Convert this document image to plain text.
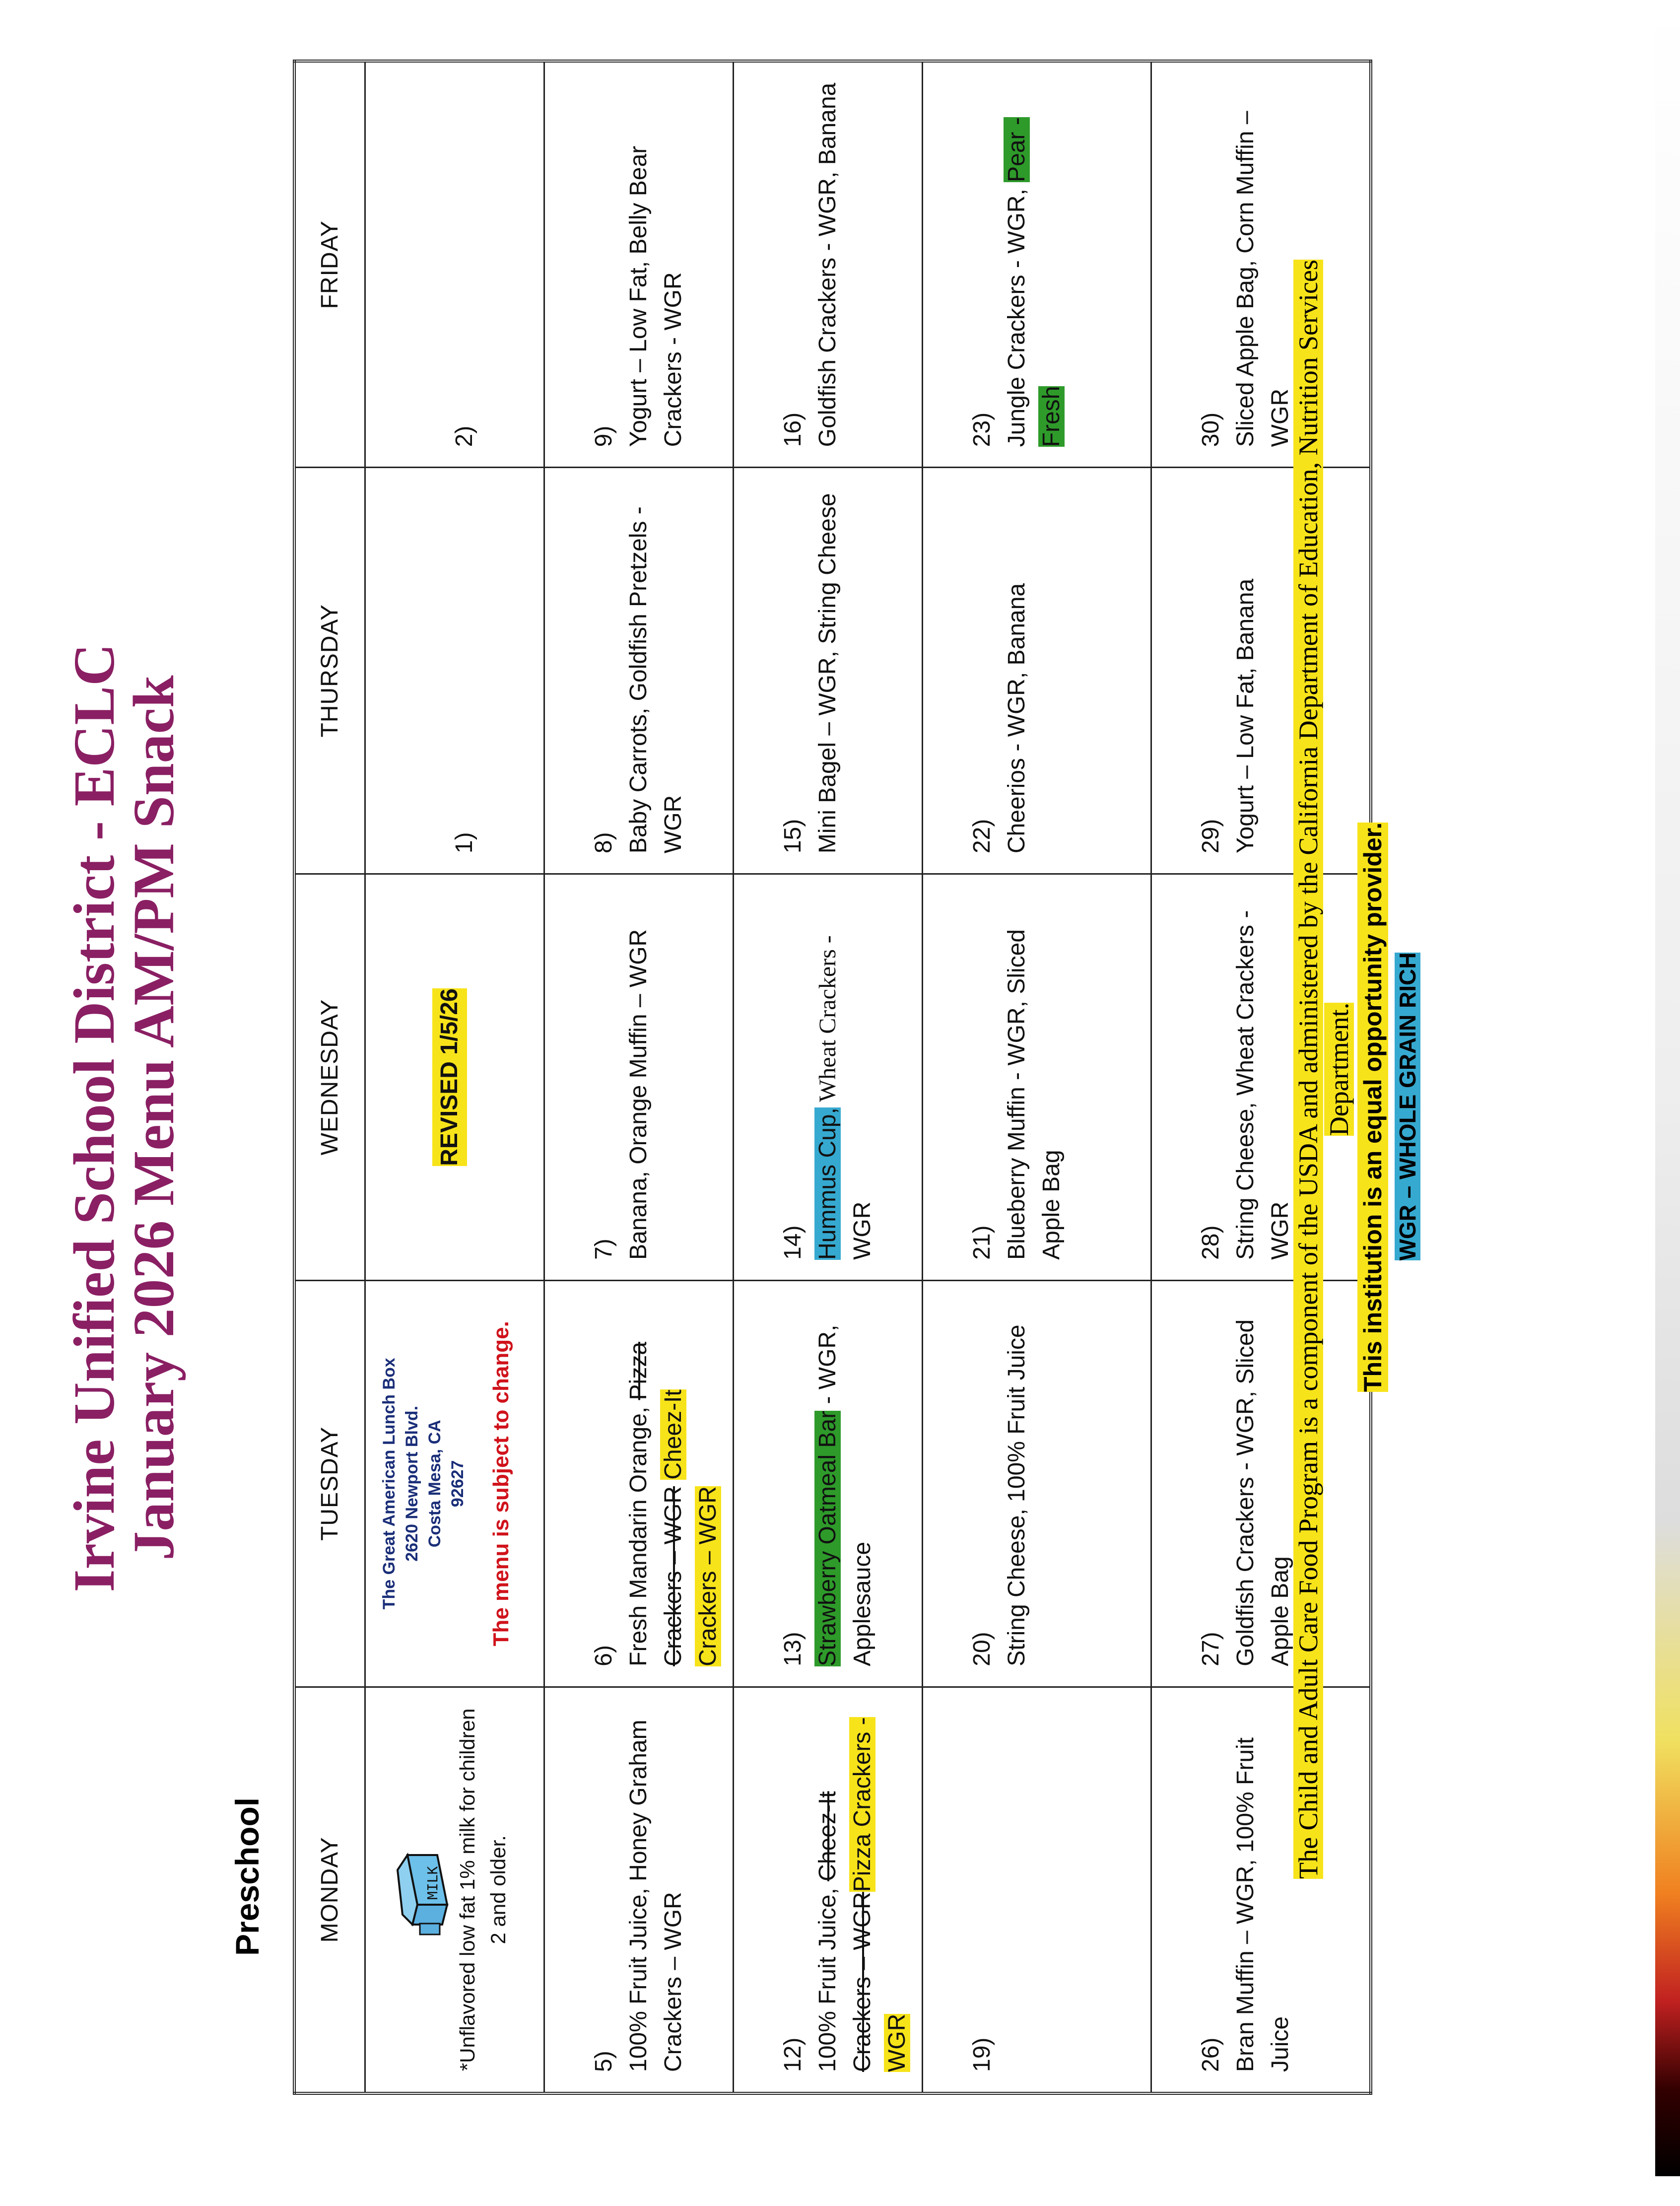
Irvine Unified School District - ECLC
January 2026 Menu AM/PM Snack
Preschool MONDAY	TUESDAY	WEDNESDAY	THURSDAY	FRIDAY

MILK *Unflavored low fat 1% milk for children 2 and older.	The Great American Lunch Box 2620 Newport Blvd. Costa Mesa, CA 92627 The menu is subject to change.	REVISED 1/5/26	1)	2)

5) 100% Fruit Juice, Honey Graham Crackers – WGR	6) Fresh Mandarin Orange, Pizza Crackers – WGR Cheez-It Crackers – WGR	7) Banana, Orange Muffin – WGR	8) Baby Carrots, Goldfish Pretzels - WGR	9) Yogurt – Low Fat, Belly Bear Crackers - WGR

12) 100% Fruit Juice, Cheez-It Crackers – WGRPizza Crackers - WGR	13) Strawberry Oatmeal Bar - WGR, Applesauce	14) Hummus Cup, Wheat Crackers - WGR	15) Mini Bagel – WGR, String Cheese	16) Goldfish Crackers - WGR, Banana

19)	20) String Cheese, 100% Fruit Juice	21) Blueberry Muffin - WGR, Sliced Apple Bag	22) Cheerios - WGR, Banana	23) Jungle Crackers - WGR, Pear - Fresh

26) Bran Muffin – WGR, 100% Fruit Juice	27) Goldfish Crackers - WGR, Sliced Apple Bag	28) String Cheese, Wheat Crackers - WGR	29) Yogurt – Low Fat, Banana	30) Sliced Apple Bag, Corn Muffin – WGR The Child and Adult Care Food Program is a component of the USDA and administered by the California Department of Education, Nutrition Services Department. This institution is an equal opportunity provider. WGR – WHOLE GRAIN RICH
